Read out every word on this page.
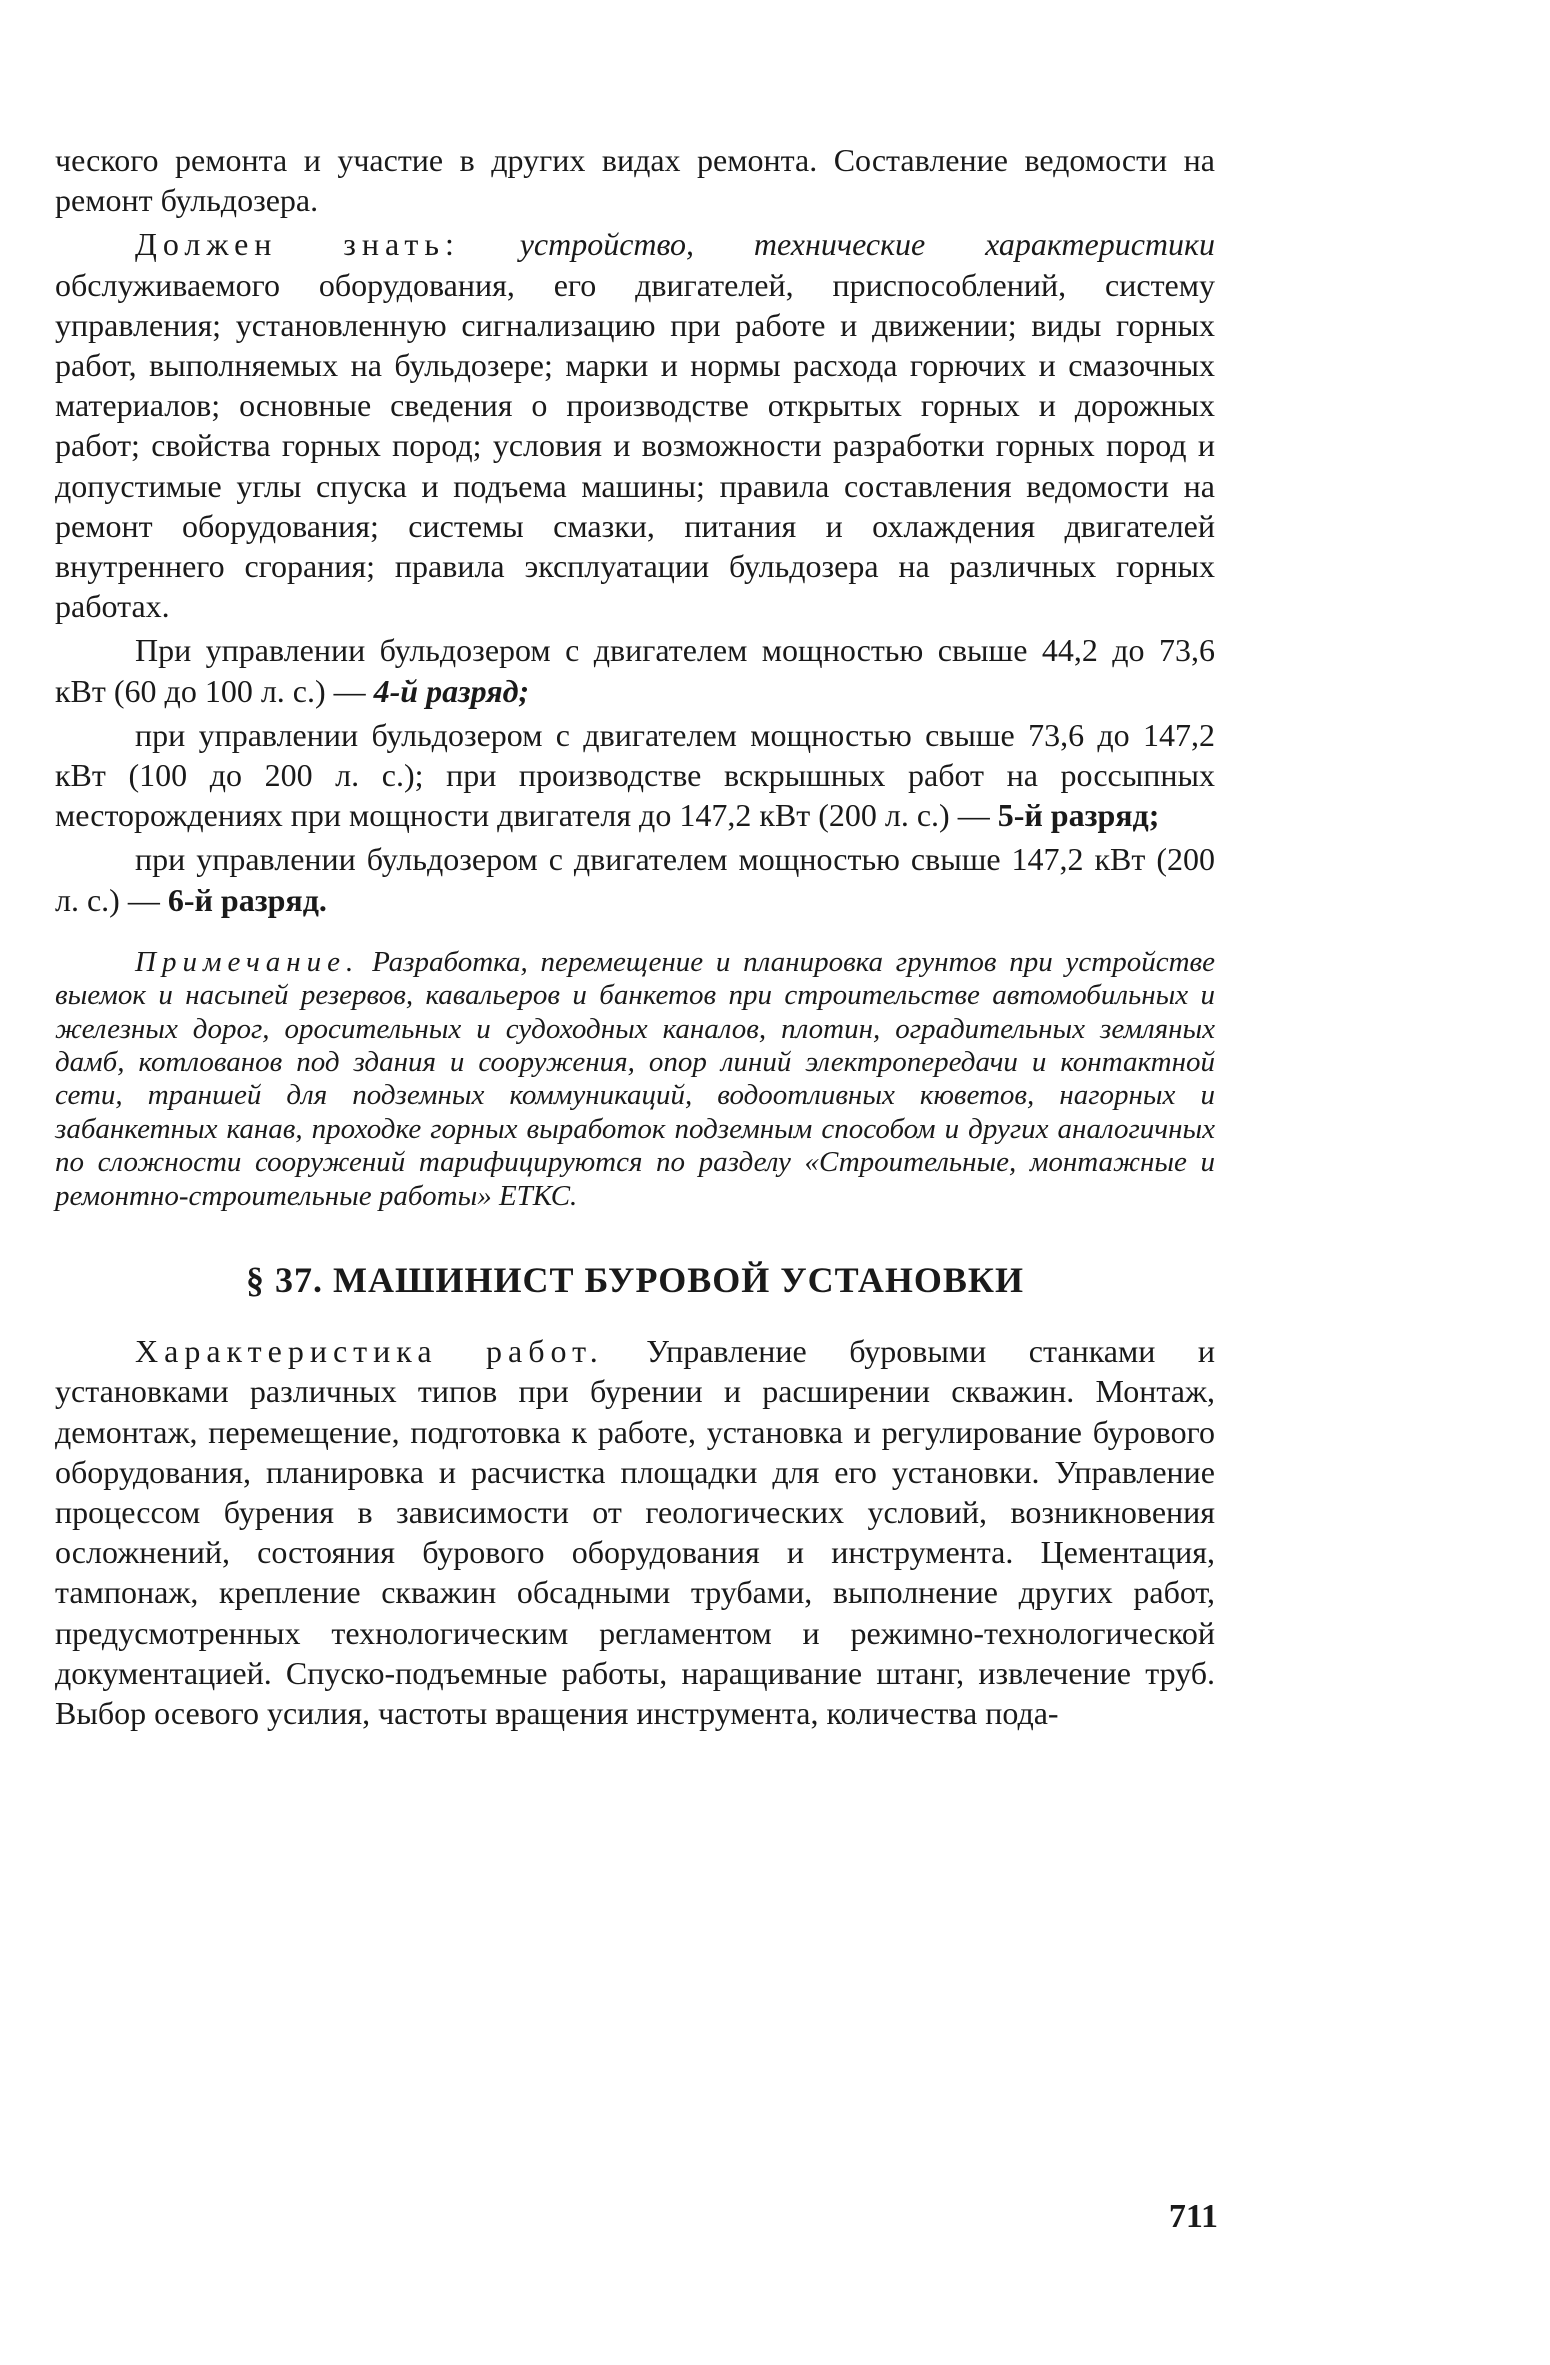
ческого ремонта и участие в других видах ремонта. Составление ведомости на ремонт бульдозера.

Должен знать: устройство, технические характеристики обслуживаемого оборудования, его двигателей, приспособлений, систему управления; установленную сигнализацию при работе и движении; виды горных работ, выполняемых на бульдозере; марки и нормы расхода горючих и смазочных материалов; основные сведения о производстве открытых горных и дорожных работ; свойства горных пород; условия и возможности разработки горных пород и допустимые углы спуска и подъема машины; правила составления ведомости на ремонт оборудования; системы смазки, питания и охлаждения двигателей внутреннего сгорания; правила эксплуатации бульдозера на различных горных работах.

При управлении бульдозером с двигателем мощностью свыше 44,2 до 73,6 кВт (60 до 100 л. с.) — 4-й разряд;

при управлении бульдозером с двигателем мощностью свыше 73,6 до 147,2 кВт (100 до 200 л. с.); при производстве вскрышных работ на россыпных месторождениях при мощности двигателя до 147,2 кВт (200 л. с.) — 5-й разряд;

при управлении бульдозером с двигателем мощностью свыше 147,2 кВт (200 л. с.) — 6-й разряд.

Примечание. Разработка, перемещение и планировка грунтов при устройстве выемок и насыпей резервов, кавальеров и банкетов при строительстве автомобильных и железных дорог, оросительных и судоходных каналов, плотин, оградительных земляных дамб, котлованов под здания и сооружения, опор линий электропередачи и контактной сети, траншей для подземных коммуникаций, водоотливных кюветов, нагорных и забанкетных канав, проходке горных выработок подземным способом и других аналогичных по сложности сооружений тарифицируются по разделу «Строительные, монтажные и ремонтно-строительные работы» ЕТКС.

§ 37. МАШИНИСТ БУРОВОЙ УСТАНОВКИ

Характеристика работ. Управление буровыми станками и установками различных типов при бурении и расширении скважин. Монтаж, демонтаж, перемещение, подготовка к работе, установка и регулирование бурового оборудования, планировка и расчистка площадки для его установки. Управление процессом бурения в зависимости от геологических условий, возникновения осложнений, состояния бурового оборудования и инструмента. Цементация, тампонаж, крепление скважин обсадными трубами, выполнение других работ, предусмотренных технологическим регламентом и режимно-технологической документацией. Спуско-подъемные работы, наращивание штанг, извлечение труб. Выбор осевого усилия, частоты вращения инструмента, количества пода-

711
